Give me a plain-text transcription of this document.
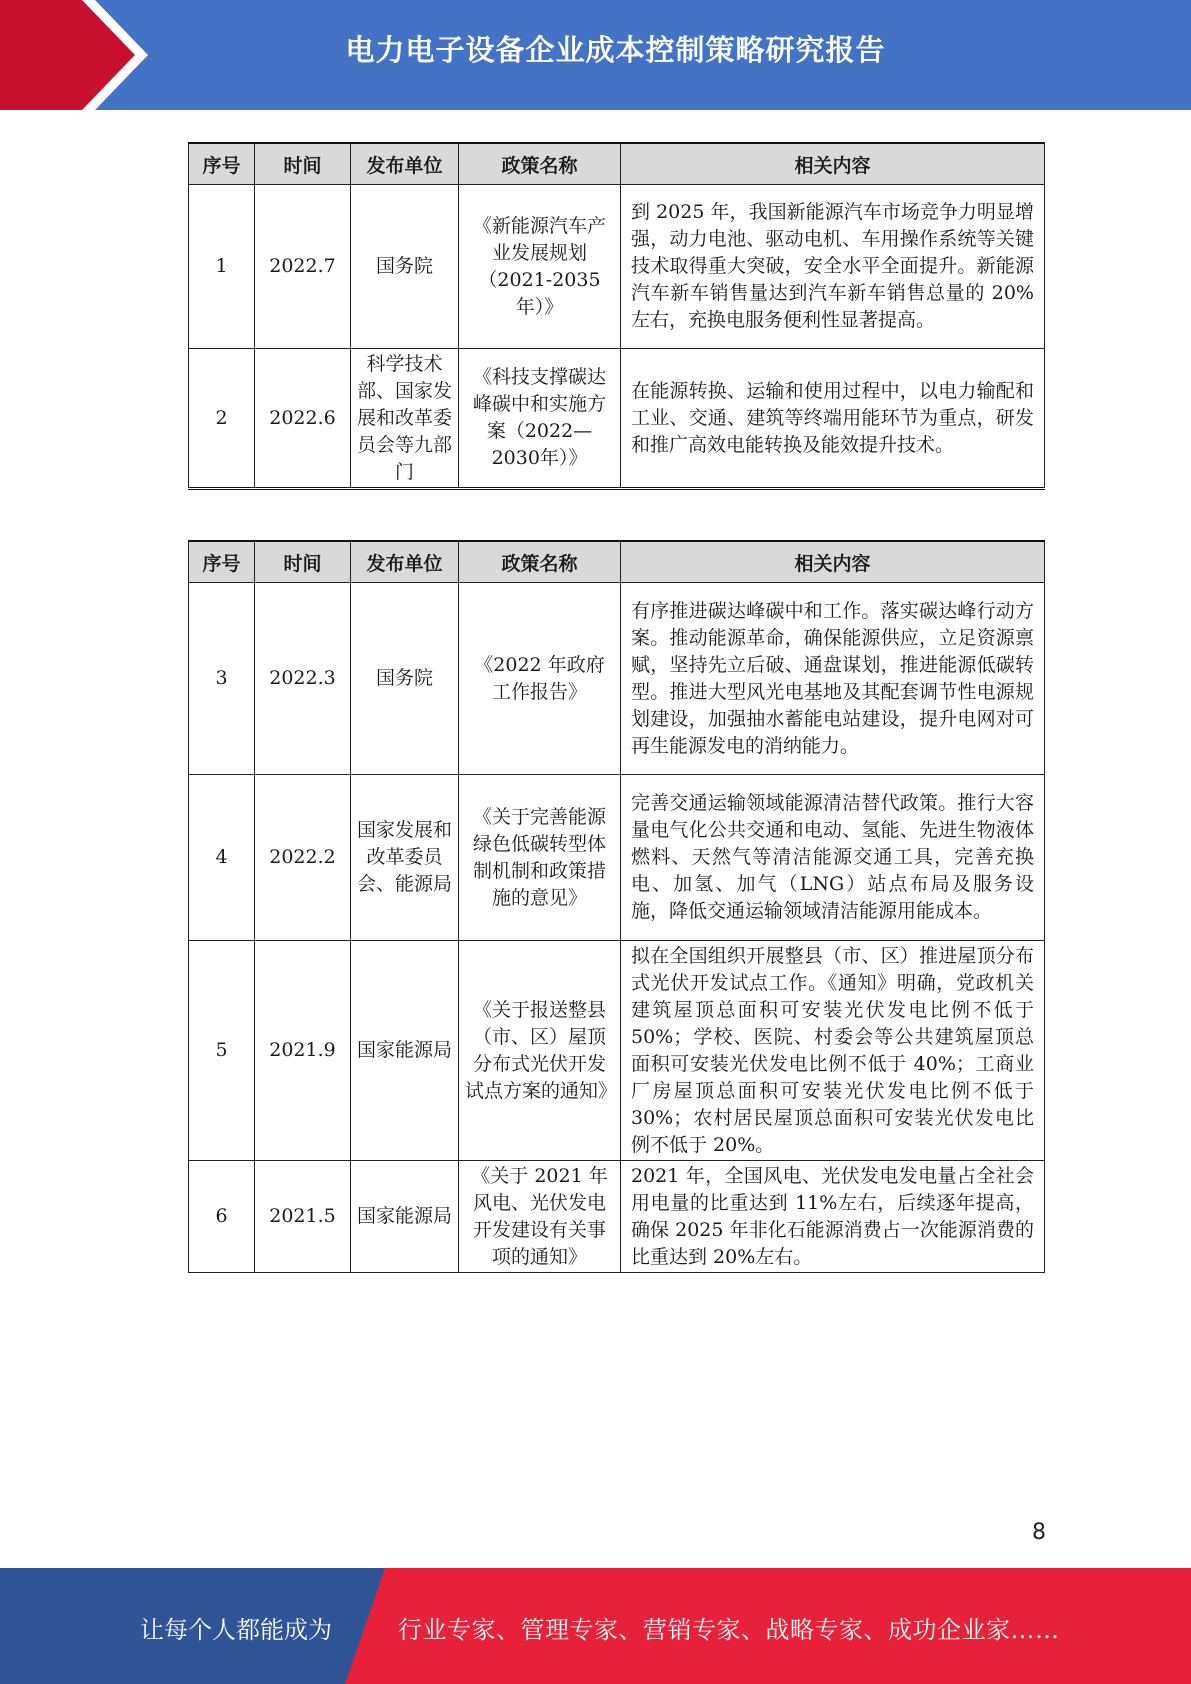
电力电子设备企业成本控制策略研究报告
序号	时间	发布单位	政策名称	相关内容
1	2022.7	国务院	《新能源汽车产业发展规划（2021-2035年）》	到 2025 年，我国新能源汽车市场竞争力明显增强，动力电池、驱动电机、车用操作系统等关键技术取得重大突破，安全水平全面提升。新能源汽车新车销售量达到汽车新车销售总量的 20%左右，充换电服务便利性显著提高。
2	2022.6	科学技术部、国家发展和改革委员会等九部门	《科技支撑碳达峰碳中和实施方案（2022—2030年）》	在能源转换、运输和使用过程中，以电力输配和工业、交通、建筑等终端用能环节为重点，研发和推广高效电能转换及能效提升技术。
序号	时间	发布单位	政策名称	相关内容
3	2022.3	国务院	《2022 年政府工作报告》	有序推进碳达峰碳中和工作。落实碳达峰行动方案。推动能源革命，确保能源供应，立足资源禀赋，坚持先立后破、通盘谋划，推进能源低碳转型。推进大型风光电基地及其配套调节性电源规划建设，加强抽水蓄能电站建设，提升电网对可再生能源发电的消纳能力。
4	2022.2	国家发展和改革委员会、能源局	《关于完善能源绿色低碳转型体制机制和政策措施的意见》	完善交通运输领域能源清洁替代政策。推行大容量电气化公共交通和电动、氢能、先进生物液体燃料、天然气等清洁能源交通工具，完善充换电、加氢、加气（LNG）站点布局及服务设施，降低交通运输领域清洁能源用能成本。
5	2021.9	国家能源局	《关于报送整县（市、区）屋顶分布式光伏开发试点方案的通知》	拟在全国组织开展整县（市、区）推进屋顶分布式光伏开发试点工作。《通知》明确，党政机关建筑屋顶总面积可安装光伏发电比例不低于 50%；学校、医院、村委会等公共建筑屋顶总面积可安装光伏发电比例不低于 40%；工商业厂房屋顶总面积可安装光伏发电比例不低于 30%；农村居民屋顶总面积可安装光伏发电比例不低于 20%。
6	2021.5	国家能源局	《关于 2021 年风电、光伏发电开发建设有关事项的通知》	2021 年，全国风电、光伏发电发电量占全社会用电量的比重达到 11%左右，后续逐年提高，确保 2025 年非化石能源消费占一次能源消费的比重达到 20%左右。
8
让每个人都能成为	行业专家、管理专家、营销专家、战略专家、成功企业家……
